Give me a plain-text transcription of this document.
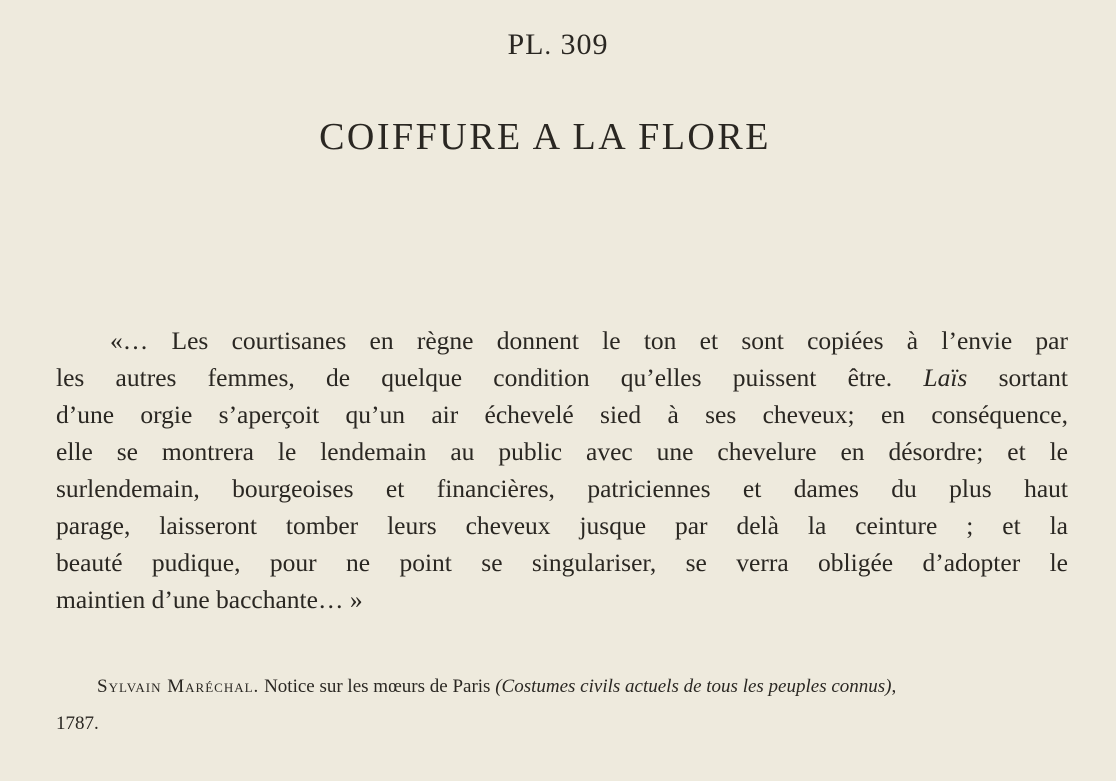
PL. 309
COIFFURE A LA FLORE
«… Les courtisanes en règne donnent le ton et sont copiées à l’envie par
les autres femmes, de quelque condition qu’elles puissent être. Laïs sortant
d’une orgie s’aperçoit qu’un air échevelé sied à ses cheveux; en conséquence,
elle se montrera le lendemain au public avec une chevelure en désordre; et le
surlendemain, bourgeoises et financières, patriciennes et dames du plus haut
parage, laisseront tomber leurs cheveux jusque par delà la ceinture ; et la
beauté pudique, pour ne point se singulariser, se verra obligée d’adopter le
maintien d’une bacchante… »
Sylvain Maréchal. Notice sur les mœurs de Paris (Costumes civils actuels de tous les peuples connus),
1787.
